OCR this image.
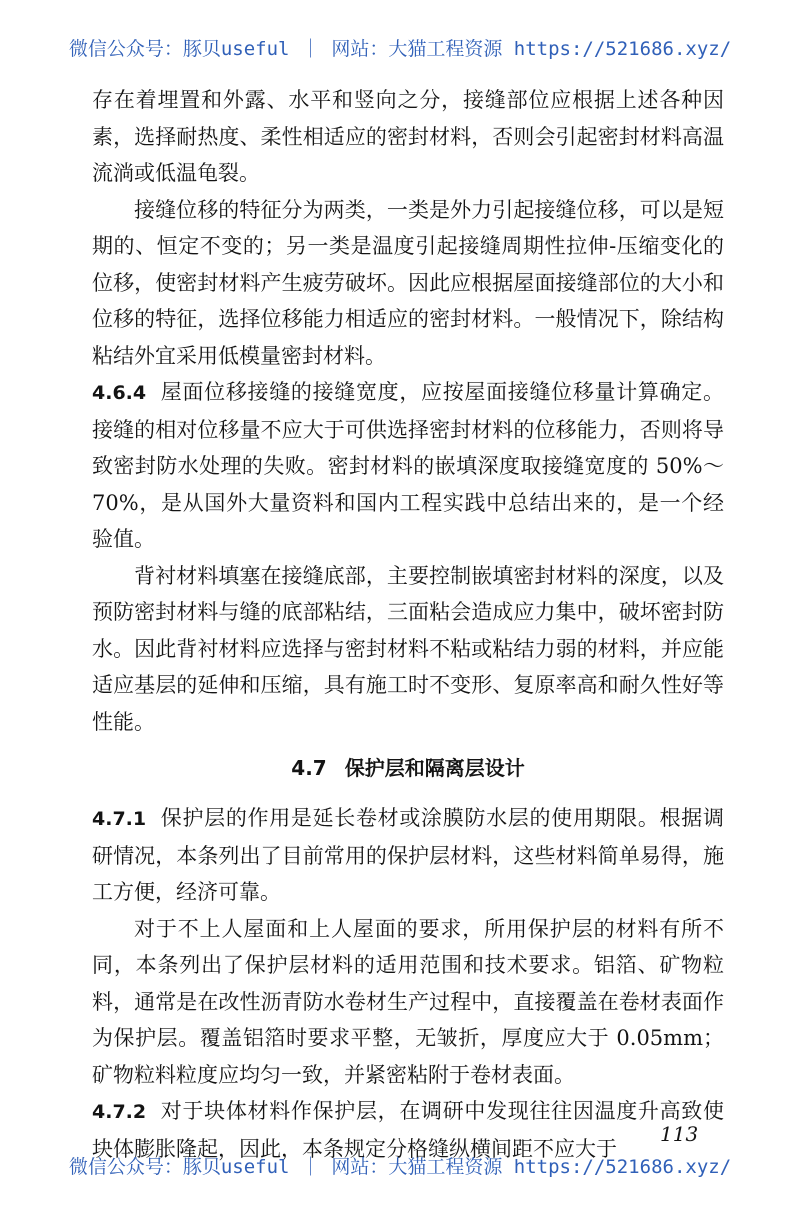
微信公众号：豚贝useful ｜ 网站：大猫工程资源 https://521686.xyz/

存在着埋置和外露、水平和竖向之分，接缝部位应根据上述各种因素，选择耐热度、柔性相适应的密封材料，否则会引起密封材料高温流淌或低温龟裂。

接缝位移的特征分为两类，一类是外力引起接缝位移，可以是短期的、恒定不变的；另一类是温度引起接缝周期性拉伸-压缩变化的位移，使密封材料产生疲劳破坏。因此应根据屋面接缝部位的大小和位移的特征，选择位移能力相适应的密封材料。一般情况下，除结构粘结外宜采用低模量密封材料。

4.6.4 屋面位移接缝的接缝宽度，应按屋面接缝位移量计算确定。接缝的相对位移量不应大于可供选择密封材料的位移能力，否则将导致密封防水处理的失败。密封材料的嵌填深度取接缝宽度的 50%～70%，是从国外大量资料和国内工程实践中总结出来的，是一个经验值。

背衬材料填塞在接缝底部，主要控制嵌填密封材料的深度，以及预防密封材料与缝的底部粘结，三面粘会造成应力集中，破坏密封防水。因此背衬材料应选择与密封材料不粘或粘结力弱的材料，并应能适应基层的延伸和压缩，具有施工时不变形、复原率高和耐久性好等性能。

4.7 保护层和隔离层设计

4.7.1 保护层的作用是延长卷材或涂膜防水层的使用期限。根据调研情况，本条列出了目前常用的保护层材料，这些材料简单易得，施工方便，经济可靠。

对于不上人屋面和上人屋面的要求，所用保护层的材料有所不同，本条列出了保护层材料的适用范围和技术要求。铝箔、矿物粒料，通常是在改性沥青防水卷材生产过程中，直接覆盖在卷材表面作为保护层。覆盖铝箔时要求平整，无皱折，厚度应大于 0.05mm；矿物粒料粒度应均匀一致，并紧密粘附于卷材表面。

4.7.2 对于块体材料作保护层，在调研中发现往往因温度升高致使块体膨胀隆起，因此，本条规定分格缝纵横间距不应大于

113
微信公众号：豚贝useful ｜ 网站：大猫工程资源 https://521686.xyz/
